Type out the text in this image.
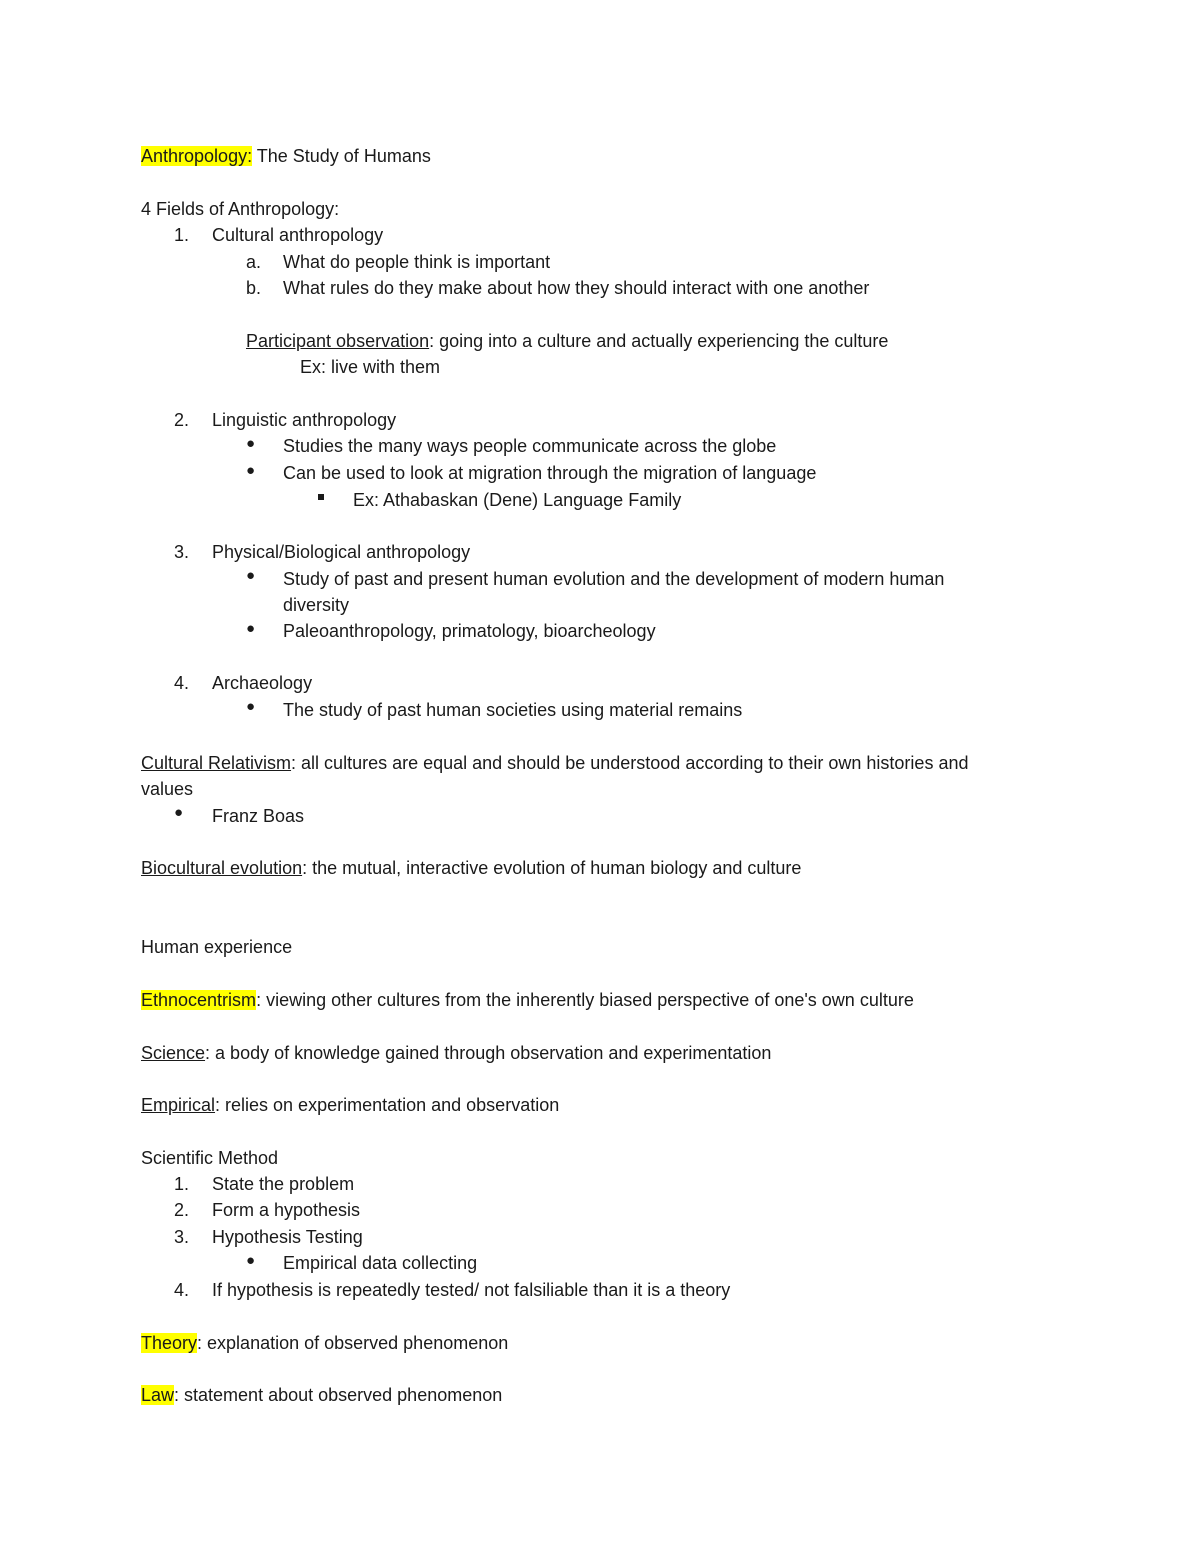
Anthropology: The Study of Humans
4 Fields of Anthropology:
1. Cultural anthropology
a. What do people think is important
b. What rules do they make about how they should interact with one another
Participant observation: going into a culture and actually experiencing the culture
Ex: live with them
2. Linguistic anthropology
● Studies the many ways people communicate across the globe
● Can be used to look at migration through the migration of language
Ex: Athabaskan (Dene) Language Family
3. Physical/Biological anthropology
● Study of past and present human evolution and the development of modern human
diversity
● Paleoanthropology, primatology, bioarcheology
4. Archaeology
● The study of past human societies using material remains
Cultural Relativism: all cultures are equal and should be understood according to their own histories and
values
● Franz Boas
Biocultural evolution: the mutual, interactive evolution of human biology and culture
Human experience
Ethnocentrism: viewing other cultures from the inherently biased perspective of one's own culture
Science: a body of knowledge gained through observation and experimentation
Empirical: relies on experimentation and observation
Scientific Method
1. State the problem
2. Form a hypothesis
3. Hypothesis Testing
● Empirical data collecting
4. If hypothesis is repeatedly tested/ not falsiliable than it is a theory
Theory: explanation of observed phenomenon
Law: statement about observed phenomenon
